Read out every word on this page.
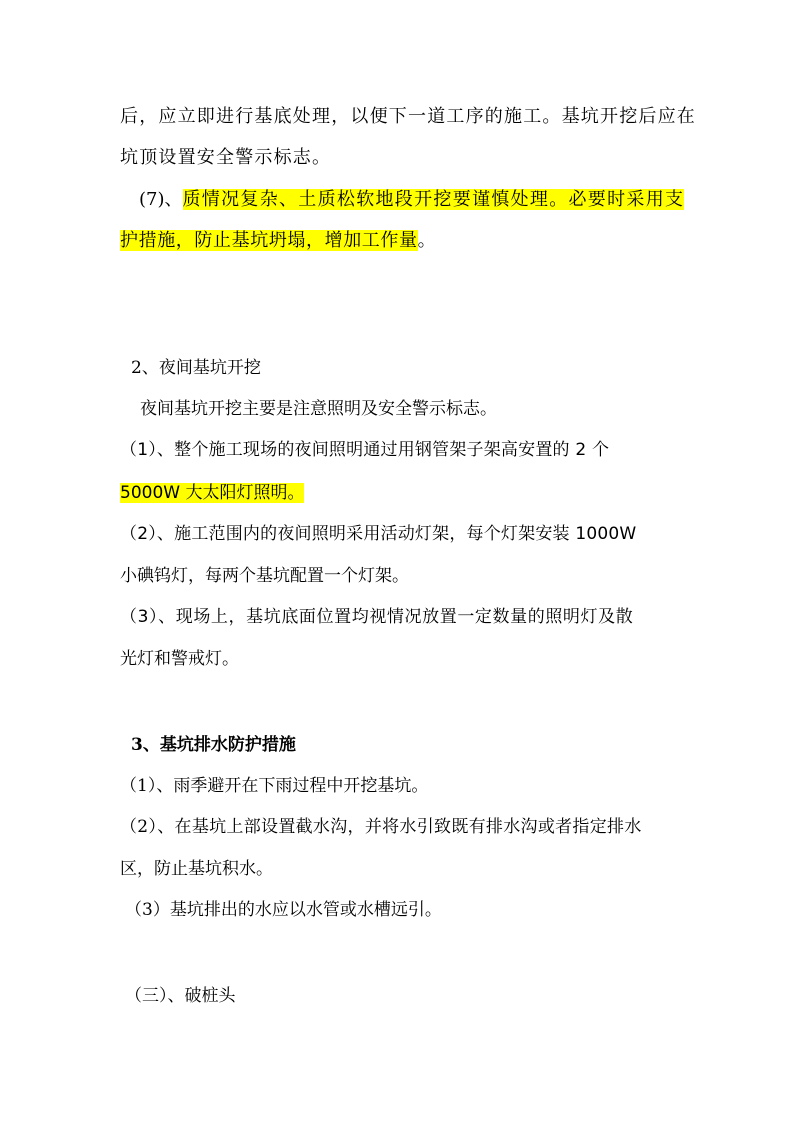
后，应立即进行基底处理，以便下一道工序的施工。基坑开挖后应在
坑顶设置安全警示标志。
(7)、质情况复杂、土质松软地段开挖要谨慎处理。必要时采用支
护措施，防止基坑坍塌，增加工作量。
2、夜间基坑开挖
夜间基坑开挖主要是注意照明及安全警示标志。
（1）、整个施工现场的夜间照明通过用钢管架子架高安置的 2 个
5000W 大太阳灯照明。
（2）、施工范围内的夜间照明采用活动灯架，每个灯架安装 1000W
小碘钨灯，每两个基坑配置一个灯架。
（3）、现场上，基坑底面位置均视情况放置一定数量的照明灯及散
光灯和警戒灯。
3、基坑排水防护措施
（1）、雨季避开在下雨过程中开挖基坑。
（2）、在基坑上部设置截水沟，并将水引致既有排水沟或者指定排水
区，防止基坑积水。
（3）基坑排出的水应以水管或水槽远引。
（三）、破桩头
